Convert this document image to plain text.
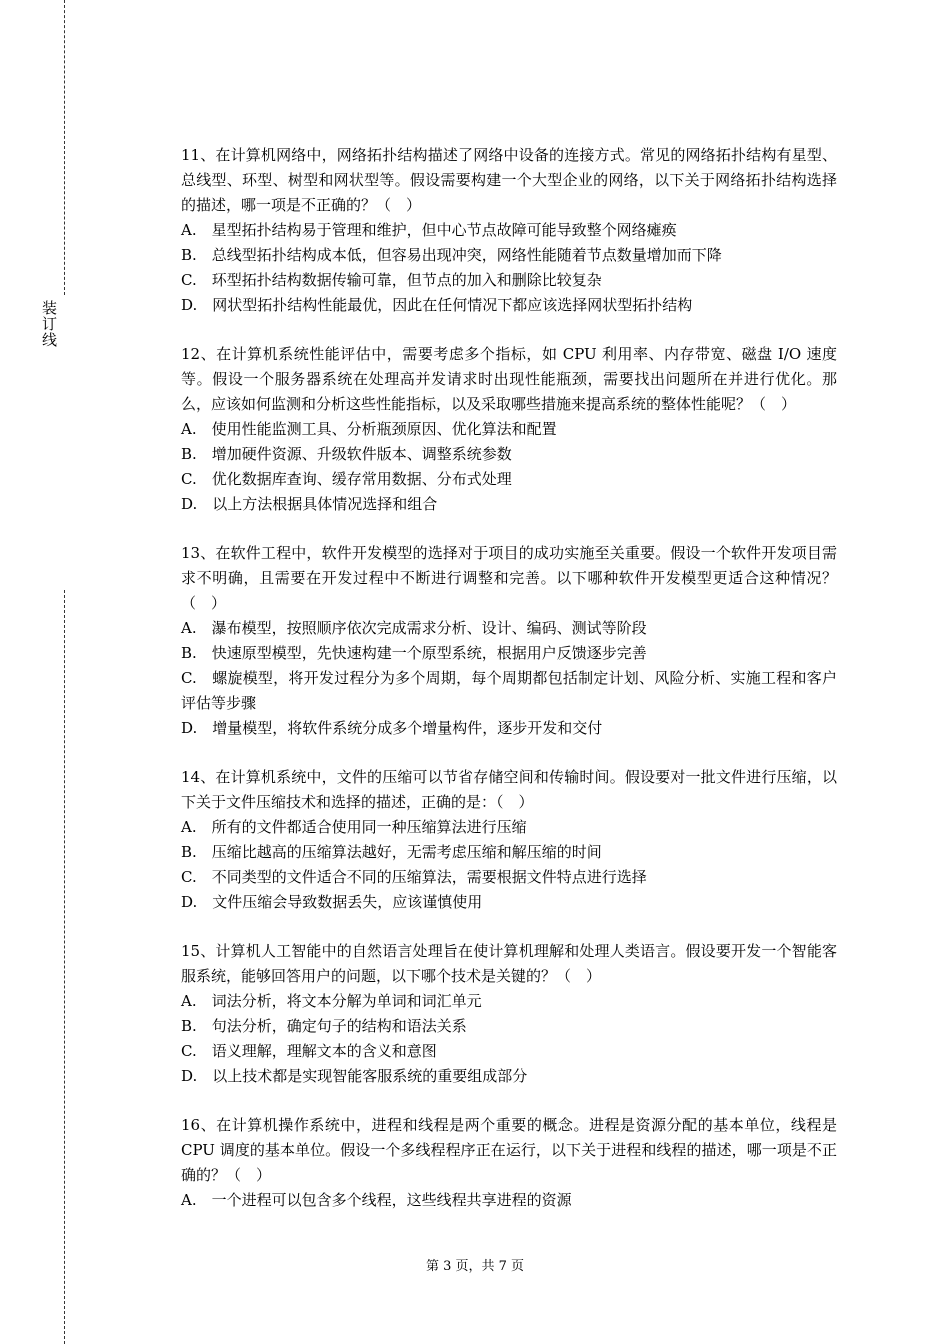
装订线

11、在计算机网络中，网络拓扑结构描述了网络中设备的连接方式。常见的网络拓扑结构有星型、总线型、环型、树型和网状型等。假设需要构建一个大型企业的网络，以下关于网络拓扑结构选择的描述，哪一项是不正确的？（　）

A.　星型拓扑结构易于管理和维护，但中心节点故障可能导致整个网络瘫痪

B.　总线型拓扑结构成本低，但容易出现冲突，网络性能随着节点数量增加而下降

C.　环型拓扑结构数据传输可靠，但节点的加入和删除比较复杂

D.　网状型拓扑结构性能最优，因此在任何情况下都应该选择网状型拓扑结构

12、在计算机系统性能评估中，需要考虑多个指标，如 CPU 利用率、内存带宽、磁盘 I/O 速度等。假设一个服务器系统在处理高并发请求时出现性能瓶颈，需要找出问题所在并进行优化。那么，应该如何监测和分析这些性能指标，以及采取哪些措施来提高系统的整体性能呢？（　）

A.　使用性能监测工具、分析瓶颈原因、优化算法和配置

B.　增加硬件资源、升级软件版本、调整系统参数

C.　优化数据库查询、缓存常用数据、分布式处理

D.　以上方法根据具体情况选择和组合

13、在软件工程中，软件开发模型的选择对于项目的成功实施至关重要。假设一个软件开发项目需求不明确，且需要在开发过程中不断进行调整和完善。以下哪种软件开发模型更适合这种情况？（　）

A.　瀑布模型，按照顺序依次完成需求分析、设计、编码、测试等阶段

B.　快速原型模型，先快速构建一个原型系统，根据用户反馈逐步完善

C.　螺旋模型，将开发过程分为多个周期，每个周期都包括制定计划、风险分析、实施工程和客户评估等步骤

D.　增量模型，将软件系统分成多个增量构件，逐步开发和交付

14、在计算机系统中，文件的压缩可以节省存储空间和传输时间。假设要对一批文件进行压缩，以下关于文件压缩技术和选择的描述，正确的是：（　）

A.　所有的文件都适合使用同一种压缩算法进行压缩

B.　压缩比越高的压缩算法越好，无需考虑压缩和解压缩的时间

C.　不同类型的文件适合不同的压缩算法，需要根据文件特点进行选择

D.　文件压缩会导致数据丢失，应该谨慎使用

15、计算机人工智能中的自然语言处理旨在使计算机理解和处理人类语言。假设要开发一个智能客服系统，能够回答用户的问题，以下哪个技术是关键的？（　）

A.　词法分析，将文本分解为单词和词汇单元

B.　句法分析，确定句子的结构和语法关系

C.　语义理解，理解文本的含义和意图

D.　以上技术都是实现智能客服系统的重要组成部分

16、在计算机操作系统中，进程和线程是两个重要的概念。进程是资源分配的基本单位，线程是 CPU 调度的基本单位。假设一个多线程程序正在运行，以下关于进程和线程的描述，哪一项是不正确的？（　）

A.　一个进程可以包含多个线程，这些线程共享进程的资源

第 3 页，共 7 页
